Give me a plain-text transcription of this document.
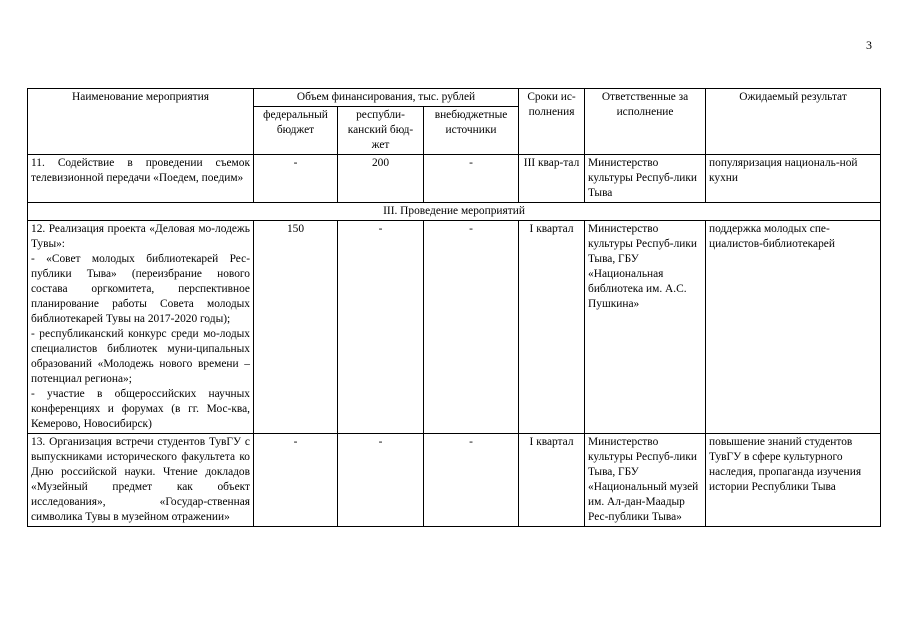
3
Наименование мероприятия	Объем финансирования, тыс. рублей			Сроки ис-полнения	Ответственные за исполнение	Ожидаемый результат
	федеральный бюджет	республи-канский бюд-жет	внебюджетные источники			
11. Содействие в проведении съемок телевизионной передачи «Поедем, поедим»	-	200	-	III квар-тал	Министерство культуры Респуб-лики Тыва	популяризация националь-ной кухни
III. Проведение мероприятий						

12. Реализация проекта «Деловая мо-лодежь Тувы»:
- «Совет молодых библиотекарей Рес-публики Тыва» (переизбрание нового состава оргкомитета, перспективное планирование работы Совета молодых библиотекарей Тувы на 2017-2020 годы);
- республиканский конкурс среди мо-лодых специалистов библиотек муни-ципальных образований «Молодежь нового времени – потенциал региона»;
- участие в общероссийских научных конференциях и форумах (в гг. Мос-ква, Кемерово, Новосибирск)	150	-	-	I квартал	Министерство культуры Респуб-лики Тыва, ГБУ «Национальная библиотека им. А.С. Пушкина»	поддержка молодых спе-циалистов-библиотекарей

13. Организация встречи студентов ТувГУ с выпускниками исторического факультета ко Дню российской науки. Чтение докладов «Музейный предмет как объект исследования», «Государ-ственная символика Тувы в музейном отражении»	-	-	-	I квартал	Министерство культуры Респуб-лики Тыва, ГБУ «Национальный музей им. Ал-дан-Маадыр Рес-публики Тыва»	повышение знаний студентов ТувГУ в сфере культурного наследия, пропаганда изучения истории Республики Тыва
